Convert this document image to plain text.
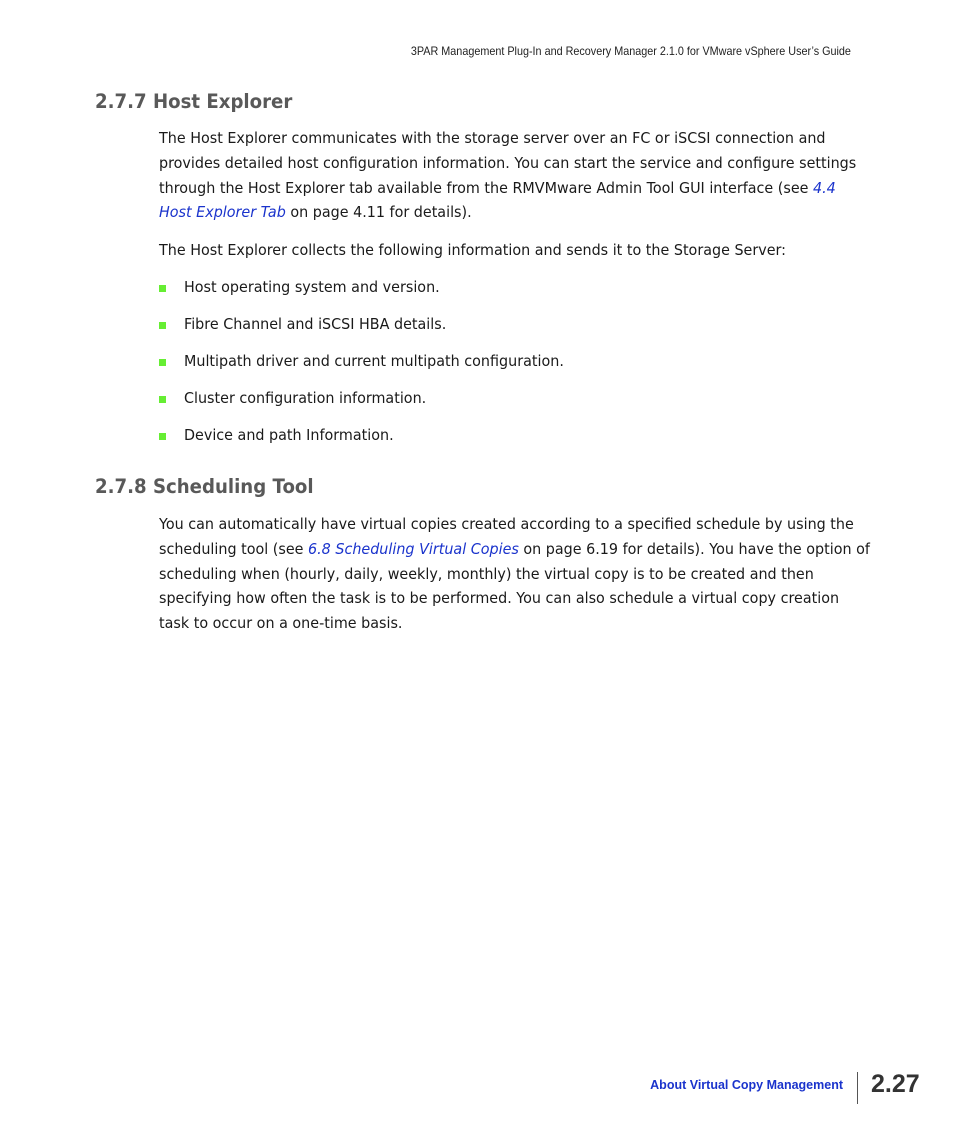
3PAR Management Plug-In and Recovery Manager 2.1.0 for VMware vSphere User’s Guide
2.7.7 Host Explorer

The Host Explorer communicates with the storage server over an FC or iSCSI connection and provides detailed host configuration information. You can start the service and configure settings through the Host Explorer tab available from the RMVMware Admin Tool GUI interface (see 4.4 Host Explorer Tab on page 4.11 for details).

The Host Explorer collects the following information and sends it to the Storage Server:

Host operating system and version.
Fibre Channel and iSCSI HBA details.
Multipath driver and current multipath configuration.
Cluster configuration information.
Device and path Information.
2.7.8 Scheduling Tool

You can automatically have virtual copies created according to a specified schedule by using the scheduling tool (see 6.8 Scheduling Virtual Copies on page 6.19 for details). You have the option of scheduling when (hourly, daily, weekly, monthly) the virtual copy is to be created and then specifying how often the task is to be performed. You can also schedule a virtual copy creation task to occur on a one-time basis.

About Virtual Copy Management 2.27
